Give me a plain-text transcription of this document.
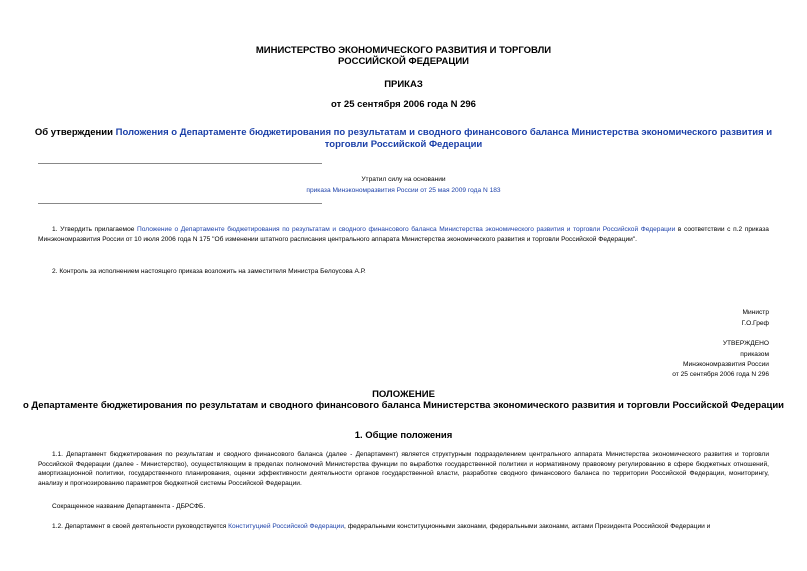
МИНИСТЕРСТВО ЭКОНОМИЧЕСКОГО РАЗВИТИЯ И ТОРГОВЛИ
РОССИЙСКОЙ ФЕДЕРАЦИИ
ПРИКАЗ
от 25 сентября 2006 года N 296
Об утверждении Положения о Департаменте бюджетирования по результатам и сводного финансового баланса Министерства экономического развития и
торговли Российской Федерации
Утратил силу на основании
приказа Минэкономразвития России от 25 мая 2009 года N 183
1. Утвердить прилагаемое Положение о Департаменте бюджетирования по результатам и сводного финансового баланса Министерства экономического развития и торговли Российской Федерации в соответствии с п.2 приказа Минэкономразвития России от 10 июля 2006 года N 175 "Об изменении штатного расписания центрального аппарата Министерства экономического развития и торговли Российской Федерации".
2. Контроль за исполнением настоящего приказа возложить на заместителя Министра Белоусова А.Р.
Министр
Г.О.Греф
УТВЕРЖДЕНО
приказом
Минэкономразвития России
от 25 сентября 2006 года N 296
ПОЛОЖЕНИЕ
о Департаменте бюджетирования по результатам и сводного финансового баланса Министерства экономического развития и торговли Российской Федерации
1. Общие положения
1.1. Департамент бюджетирования по результатам и сводного финансового баланса (далее - Департамент) является структурным подразделением центрального аппарата Министерства экономического развития и торговли Российской Федерации (далее - Министерство), осуществляющим в пределах полномочий Министерства функции по выработке государственной политики и нормативному правовому регулированию в сфере бюджетных отношений, амортизационной политики, государственного планирования, оценки эффективности деятельности органов государственной власти, разработке сводного финансового баланса по территории Российской Федерации, мониторингу, анализу и прогнозированию параметров бюджетной системы Российской Федерации.
Сокращенное название Департамента - ДБРСФБ.
1.2. Департамент в своей деятельности руководствуется Конституцией Российской Федерации, федеральными конституционными законами, федеральными законами, актами Президента Российской Федерации и
